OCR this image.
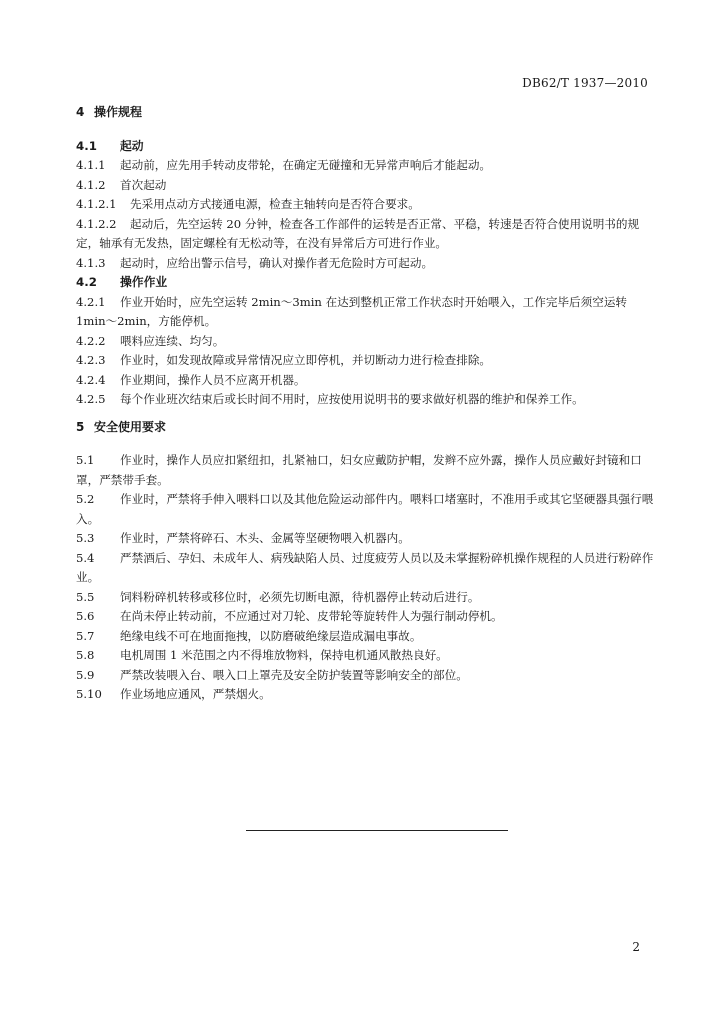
DB62/T 1937—2010
4 操作规程
4.1 起动
4.1.1 起动前，应先用手转动皮带轮，在确定无碰撞和无异常声响后才能起动。
4.1.2 首次起动
4.1.2.1 先采用点动方式接通电源，检查主轴转向是否符合要求。
4.1.2.2 起动后，先空运转 20 分钟，检查各工作部件的运转是否正常、平稳，转速是否符合使用说明书的规定，轴承有无发热，固定螺栓有无松动等，在没有异常后方可进行作业。
4.1.3 起动时，应给出警示信号，确认对操作者无危险时方可起动。
4.2 操作作业
4.2.1 作业开始时，应先空运转 2min～3min 在达到整机正常工作状态时开始喂入，工作完毕后须空运转 1min～2min，方能停机。
4.2.2 喂料应连续、均匀。
4.2.3 作业时，如发现故障或异常情况应立即停机，并切断动力进行检查排除。
4.2.4 作业期间，操作人员不应离开机器。
4.2.5 每个作业班次结束后或长时间不用时，应按使用说明书的要求做好机器的维护和保养工作。
5 安全使用要求
5.1 作业时，操作人员应扣紧纽扣，扎紧袖口，妇女应戴防护帽，发辫不应外露，操作人员应戴好封镜和口罩，严禁带手套。
5.2 作业时，严禁将手伸入喂料口以及其他危险运动部件内。喂料口堵塞时，不准用手或其它坚硬器具强行喂入。
5.3 作业时，严禁将碎石、木头、金属等坚硬物喂入机器内。
5.4 严禁酒后、孕妇、未成年人、病残缺陷人员、过度疲劳人员以及未掌握粉碎机操作规程的人员进行粉碎作业。
5.5 饲料粉碎机转移或移位时，必须先切断电源，待机器停止转动后进行。
5.6 在尚未停止转动前，不应通过对刀轮、皮带轮等旋转件人为强行制动停机。
5.7 绝缘电线不可在地面拖拽，以防磨破绝缘层造成漏电事故。
5.8 电机周围 1 米范围之内不得堆放物料，保持电机通风散热良好。
5.9 严禁改装喂入台、喂入口上罩壳及安全防护装置等影响安全的部位。
5.10 作业场地应通风，严禁烟火。
2
